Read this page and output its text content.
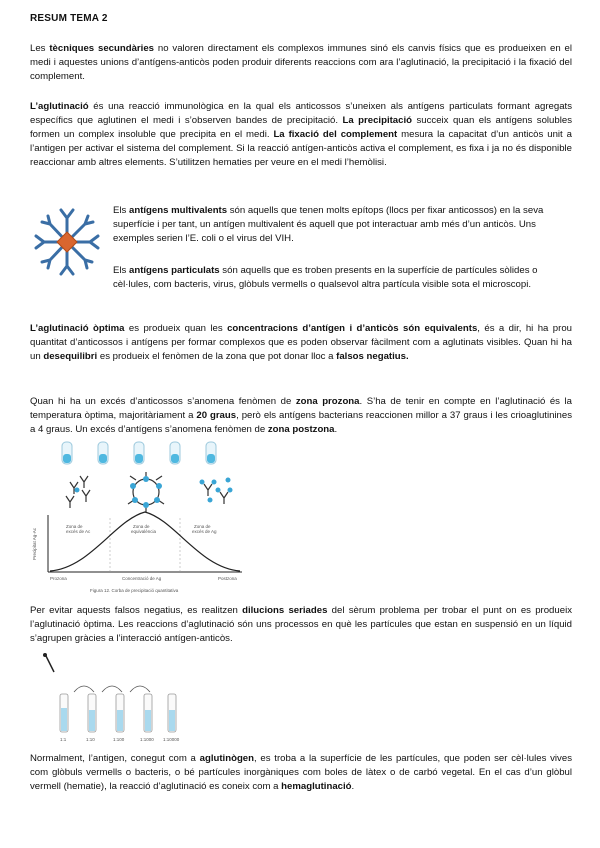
RESUM TEMA 2

Les tècniques secundàries no valoren directament els complexos immunes sinó els canvis físics que es produeixen en el medi i aquestes unions d’antígens-anticòs poden produir diferents reaccions com ara l’aglutinació, la precipitació i la fixació del complement.

L’aglutinació és una reacció immunològica en la qual els anticossos s’uneixen als antígens particulats formant agregats específics que aglutinen el medi i s’observen bandes de precipitació. La precipitació succeix quan els antígens solubles formen un complex insoluble que precipita en el medi. La fixació del complement mesura la capacitat d’un anticòs unit a l’antigen per activar el sistema del complement. Si la reacció antígen-anticòs activa el complement, es fixa i ja no és disponible reaccionar amb altres elements. S’utilitzen hematies per veure en el medi l’hemòlisi.

Els antígens multivalents són aquells que tenen molts epítops (llocs per fixar anticossos) en la seva superfície i per tant, un antígen multivalent és aquell que pot interactuar amb més d’un anticòs. Uns exemples serien l’E. coli o el virus del VIH.

Els antígens particulats són aquells que es troben presents en la superfície de partícules sòlides o cèl·lules, com bacteris, virus, glòbuls vermells o qualsevol altra partícula visible sota el microscopi.

L’aglutinació òptima es produeix quan les concentracions d’antígen i d’anticòs són equivalents, és a dir, hi ha prou quantitat d’anticossos i antígens per formar complexos que es poden observar fàcilment com a aglutinats visibles. Quan hi ha un desequilibri es produeix el fenòmen de la zona que pot donar lloc a falsos negatius.

Quan hi ha un excés d’anticossos s’anomena fenòmen de zona prozona. S’ha de tenir en compte en l’aglutinació és la temperatura òptima, majoritàriament a 20 graus, però els antígens bacterians reaccionen millor a 37 graus i les crioaglutinines a 4 graus. Un excés d’antígens s’anomena fenòmen de zona postzona.

Precipitat Ag-Ac
Zona de
excés de Ac
Zona de
equivalència
Zona de
excés de Ag
Prozona	Concentració de Ag	Postzona
Figura 12. Corba de precipitació quantitativa

Per evitar aquests falsos negatius, es realitzen dilucions seriades del sèrum problema per trobar el punt on es produeix l’aglutinació òptima. Les reaccions d’aglutinació són uns processos en què les partícules que estan en suspensió en un líquid s’agrupen gràcies a l’interacció antígen-anticòs.

1:1	1:10	1:100	1:1000 1:10000

Normalment, l’antigen, conegut com a aglutinògen, es troba a la superfície de les partícules, que poden ser cèl·lules vives com glòbuls vermells o bacteris, o bé partícules inorgàniques com boles de làtex o de carbó vegetal. En el cas d’un glòbul vermell (hematie), la reacció d’aglutinació es coneix com a hemaglutinació.
